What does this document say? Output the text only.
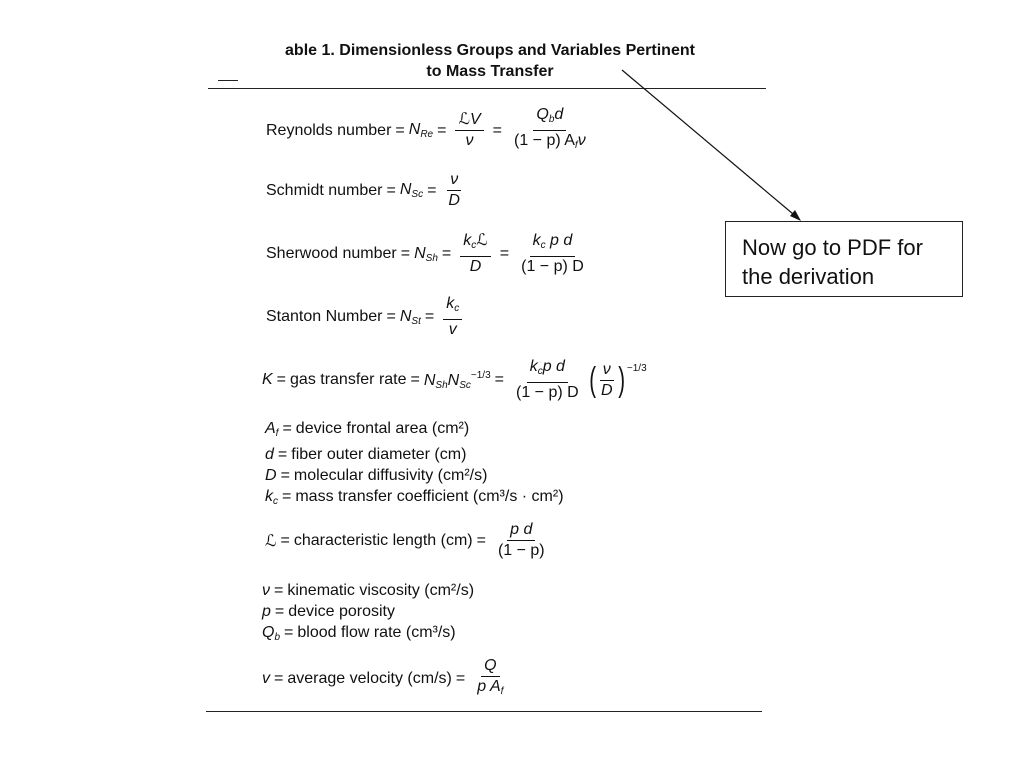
able 1. Dimensionless Groups and Variables Pertinent
to Mass Transfer
Reynolds number = $N_{Re} = \frac{\text{ℒV}}{\nu} = \frac{Q_bd}{(1 - p) A_f\nu}$
Schmidt number = $N_{Sc} = \frac{\nu}{D}$
Sherwood number = $N_{Sh} = \frac{k_cℒ}{D} = \frac{k_c p d}{(1 - p) D}$
Stanton Number = $N_{St} = \frac{k_c}{v}$
K = gas transfer rate = $N_{Sh}N_{Sc}^{-1/3} = \frac{k_cp d}{(1 - p) D}$ ( $\frac{\nu}{D} )^{-1/3}$
$A_f$ = device frontal area (cm²)
d = fiber outer diameter (cm)
D = molecular diffusivity (cm²/s)
$k_c$ = mass transfer coefficient (cm³/s · cm²)
ℒ = characteristic length $(cm) = \frac{\text{p d}}{(1 - p)}$
ν = kinematic viscosity (cm²/s)
p = device porosity
$Q_b$ = blood flow rate (cm³/s)
v = average velocity $(cm/s) = \frac{Q}{p A_f}$
Now go to PDF for the derivation
